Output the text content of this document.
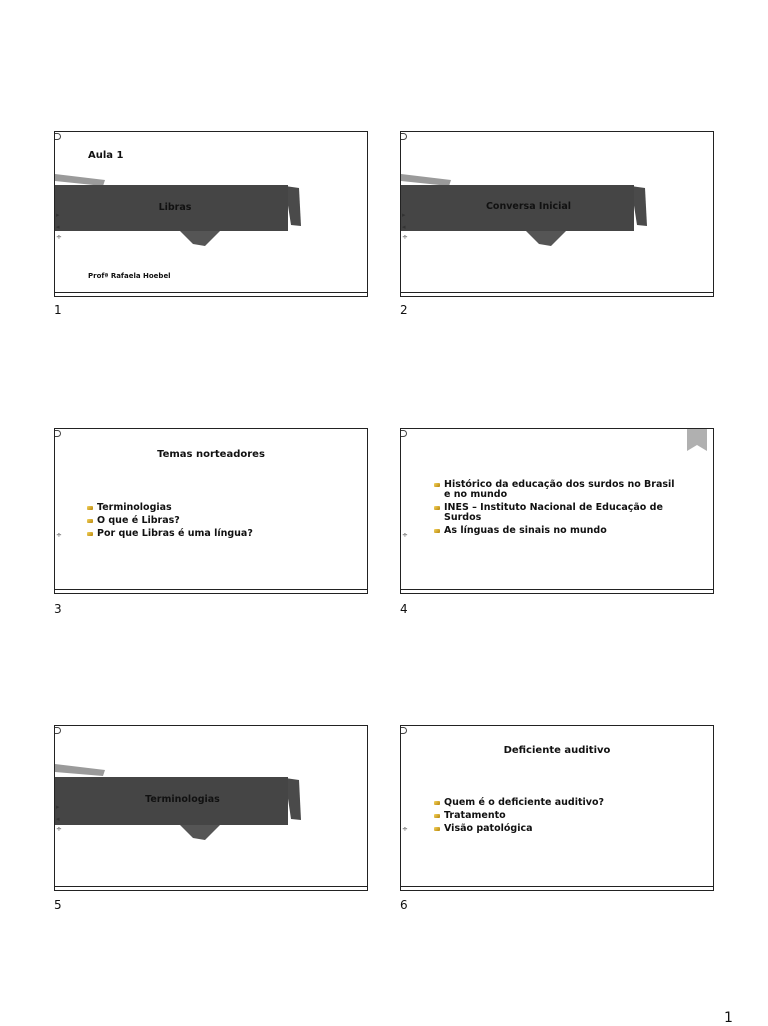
▸
◂
÷
Aula 1
Libras
Profª Rafaela Hoebel
1
▸
◂
÷
Conversa Inicial
2
Temas norteadores
÷
Terminologias
O que é Libras?
Por que Libras é uma língua?
3
÷
Histórico da educação dos surdos no Brasil e no mundo
INES – Instituto Nacional de Educação de Surdos
As línguas de sinais no mundo
4
▸
◂
÷
Terminologias
5
Deficiente auditivo
÷
Quem é o deficiente auditivo?
Tratamento
Visão patológica
6
1
